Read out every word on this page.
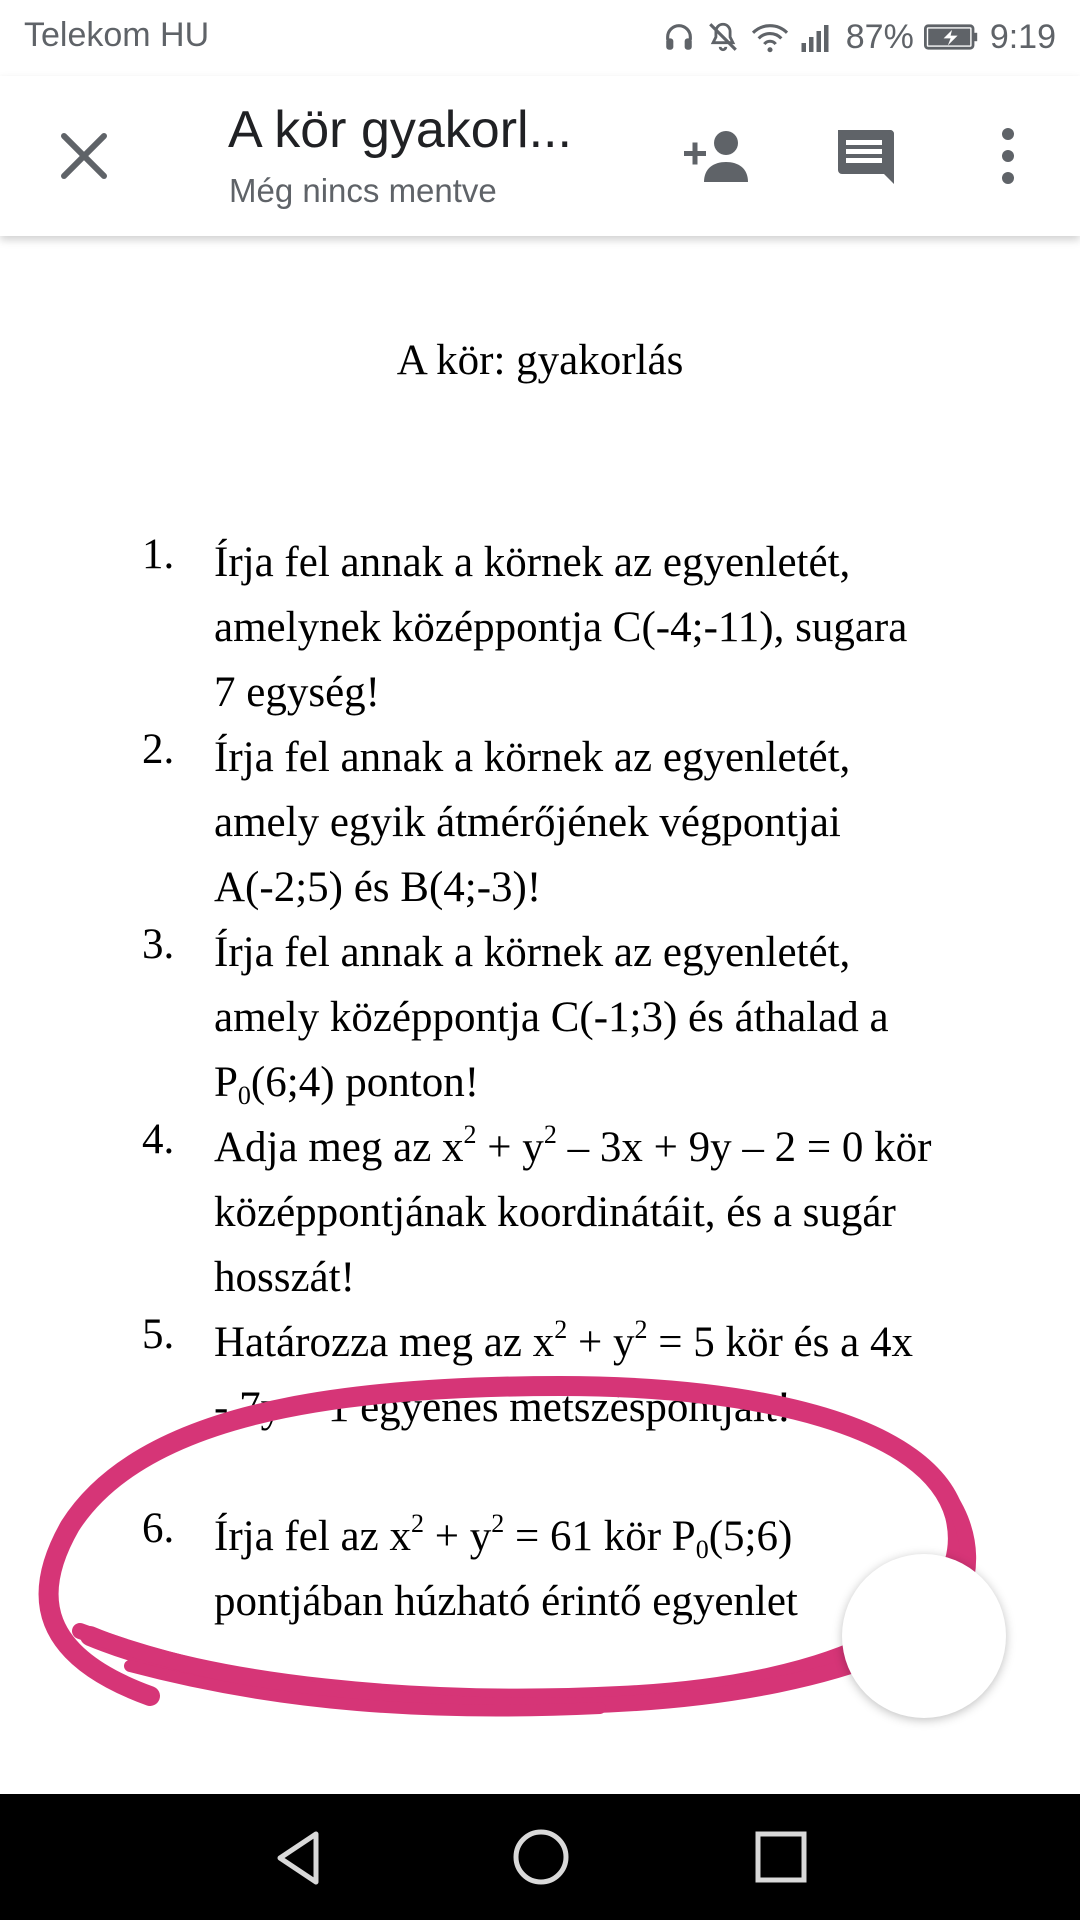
Telekom HU	87% 9:19
A kör gyakorl...
Még nincs mentve
A kör: gyakorlás
1. Írja fel annak a körnek az egyenletét,
amelynek középpontja C(-4;-11), sugara
7 egység!
2. Írja fel annak a körnek az egyenletét,
amely egyik átmérőjének végpontjai
A(-2;5) és B(4;-3)!
3. Írja fel annak a körnek az egyenletét,
amely középpontja C(-1;3) és áthalad a
$P_0(6;4)$ ponton!
4. Adja meg az $x^2 + y^2 - 3x + 9y - 2 = 0$ kör
középpontjának koordinátáit, és a sugár
hosszát!
5. Határozza meg az $x^2 + y^2 = 5$ kör és a 4x
- 7y = 1 egyenes metszéspontjait!
6. Írja fel az $x^2 + y^2 = 61$ kör $P_0(5;6)$
pontjában húzható érintő egyenlet
